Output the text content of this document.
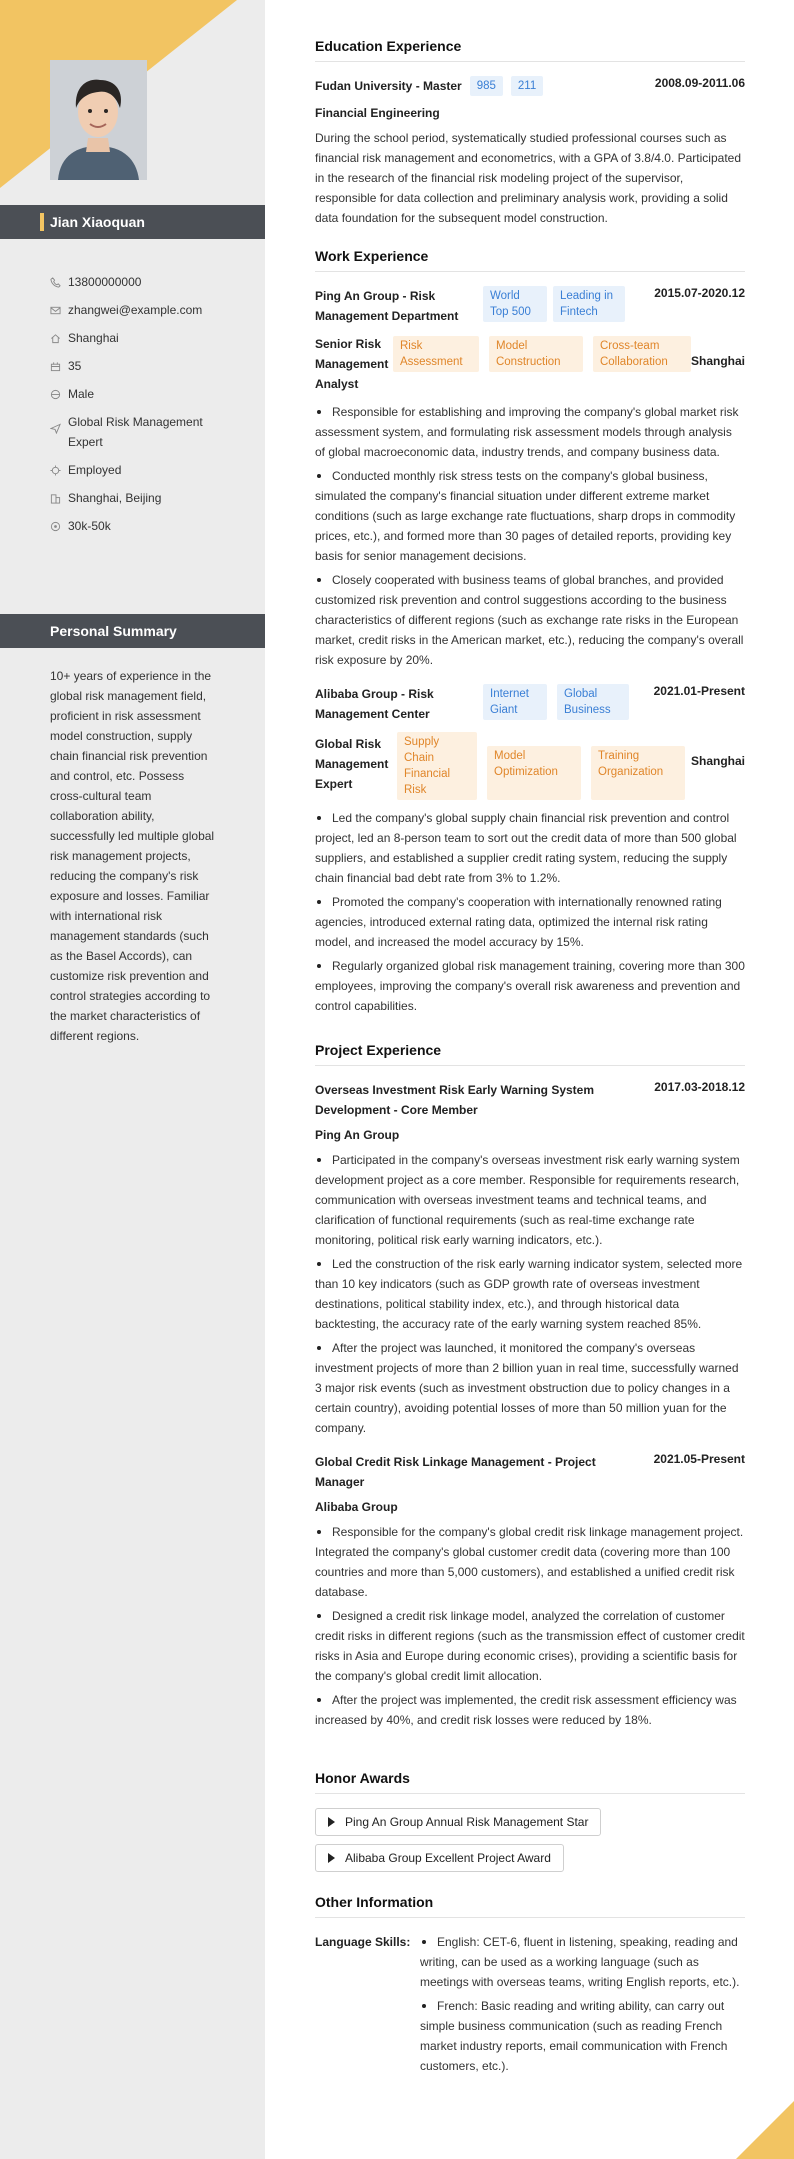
Jian Xiaoquan
13800000000
zhangwei@example.com
Shanghai
35
Male
Global Risk Management Expert
Employed
Shanghai, Beijing
30k-50k
Personal Summary
10+ years of experience in the global risk management field, proficient in risk assessment model construction, supply chain financial risk prevention and control, etc. Possess cross-cultural team collaboration ability, successfully led multiple global risk management projects, reducing the company's risk exposure and losses. Familiar with international risk management standards (such as the Basel Accords), can customize risk prevention and control strategies according to the market characteristics of different regions.
Education Experience
Fudan University - Master	985	211	2008.09-2011.06
Financial Engineering

During the school period, systematically studied professional courses such as financial risk management and econometrics, with a GPA of 3.8/4.0. Participated in the research of the financial risk modeling project of the supervisor, responsible for data collection and preliminary analysis work, providing a solid data foundation for the subsequent model construction.

Work Experience
Ping An Group - Risk Management Department
World Top 500
Leading in Fintech
2015.07-2020.12
Senior Risk Management Analyst
Risk Assessment
Model Construction
Cross-team Collaboration	Shanghai
Responsible for establishing and improving the company's global market risk assessment system, and formulating risk assessment models through analysis of global macroeconomic data, industry trends, and company business data.
Conducted monthly risk stress tests on the company's global business, simulated the company's financial situation under different extreme market conditions (such as large exchange rate fluctuations, sharp drops in commodity prices, etc.), and formed more than 30 pages of detailed reports, providing key basis for senior management decisions.
Closely cooperated with business teams of global branches, and provided customized risk prevention and control suggestions according to the business characteristics of different regions (such as exchange rate risks in the European market, credit risks in the American market, etc.), reducing the company's overall risk exposure by 20%.
Alibaba Group - Risk Management Center
Internet Giant
Global Business
2021.01-Present
Global Risk Management Expert
Supply Chain Financial Risk
Model Optimization
Training Organization
Shanghai
Led the company's global supply chain financial risk prevention and control project, led an 8-person team to sort out the credit data of more than 500 global suppliers, and established a supplier credit rating system, reducing the supply chain financial bad debt rate from 3% to 1.2%.
Promoted the company's cooperation with internationally renowned rating agencies, introduced external rating data, optimized the internal risk rating model, and increased the model accuracy by 15%.
Regularly organized global risk management training, covering more than 300 employees, improving the company's overall risk awareness and prevention and control capabilities.
Project Experience
Overseas Investment Risk Early Warning System Development - Core Member
2017.03-2018.12
Ping An Group
Participated in the company's overseas investment risk early warning system development project as a core member. Responsible for requirements research, communication with overseas investment teams and technical teams, and clarification of functional requirements (such as real-time exchange rate monitoring, political risk early warning indicators, etc.).
Led the construction of the risk early warning indicator system, selected more than 10 key indicators (such as GDP growth rate of overseas investment destinations, political stability index, etc.), and through historical data backtesting, the accuracy rate of the early warning system reached 85%.
After the project was launched, it monitored the company's overseas investment projects of more than 2 billion yuan in real time, successfully warned 3 major risk events (such as investment obstruction due to policy changes in a certain country), avoiding potential losses of more than 50 million yuan for the company.
Global Credit Risk Linkage Management - Project Manager
2021.05-Present
Alibaba Group
Responsible for the company's global credit risk linkage management project. Integrated the company's global customer credit data (covering more than 100 countries and more than 5,000 customers), and established a unified credit risk database.
Designed a credit risk linkage model, analyzed the correlation of customer credit risks in different regions (such as the transmission effect of customer credit risks in Asia and Europe during economic crises), providing a scientific basis for the company's global credit limit allocation.
After the project was implemented, the credit risk assessment efficiency was increased by 40%, and credit risk losses were reduced by 18%.
Honor Awards
Ping An Group Annual Risk Management Star
Alibaba Group Excellent Project Award
Other Information
Language Skills:	English: CET-6, fluent in listening, speaking, reading and writing, can be used as a working language (such as meetings with overseas teams, writing English reports, etc.).
French: Basic reading and writing ability, can carry out simple business communication (such as reading French market industry reports, email communication with French customers, etc.).
